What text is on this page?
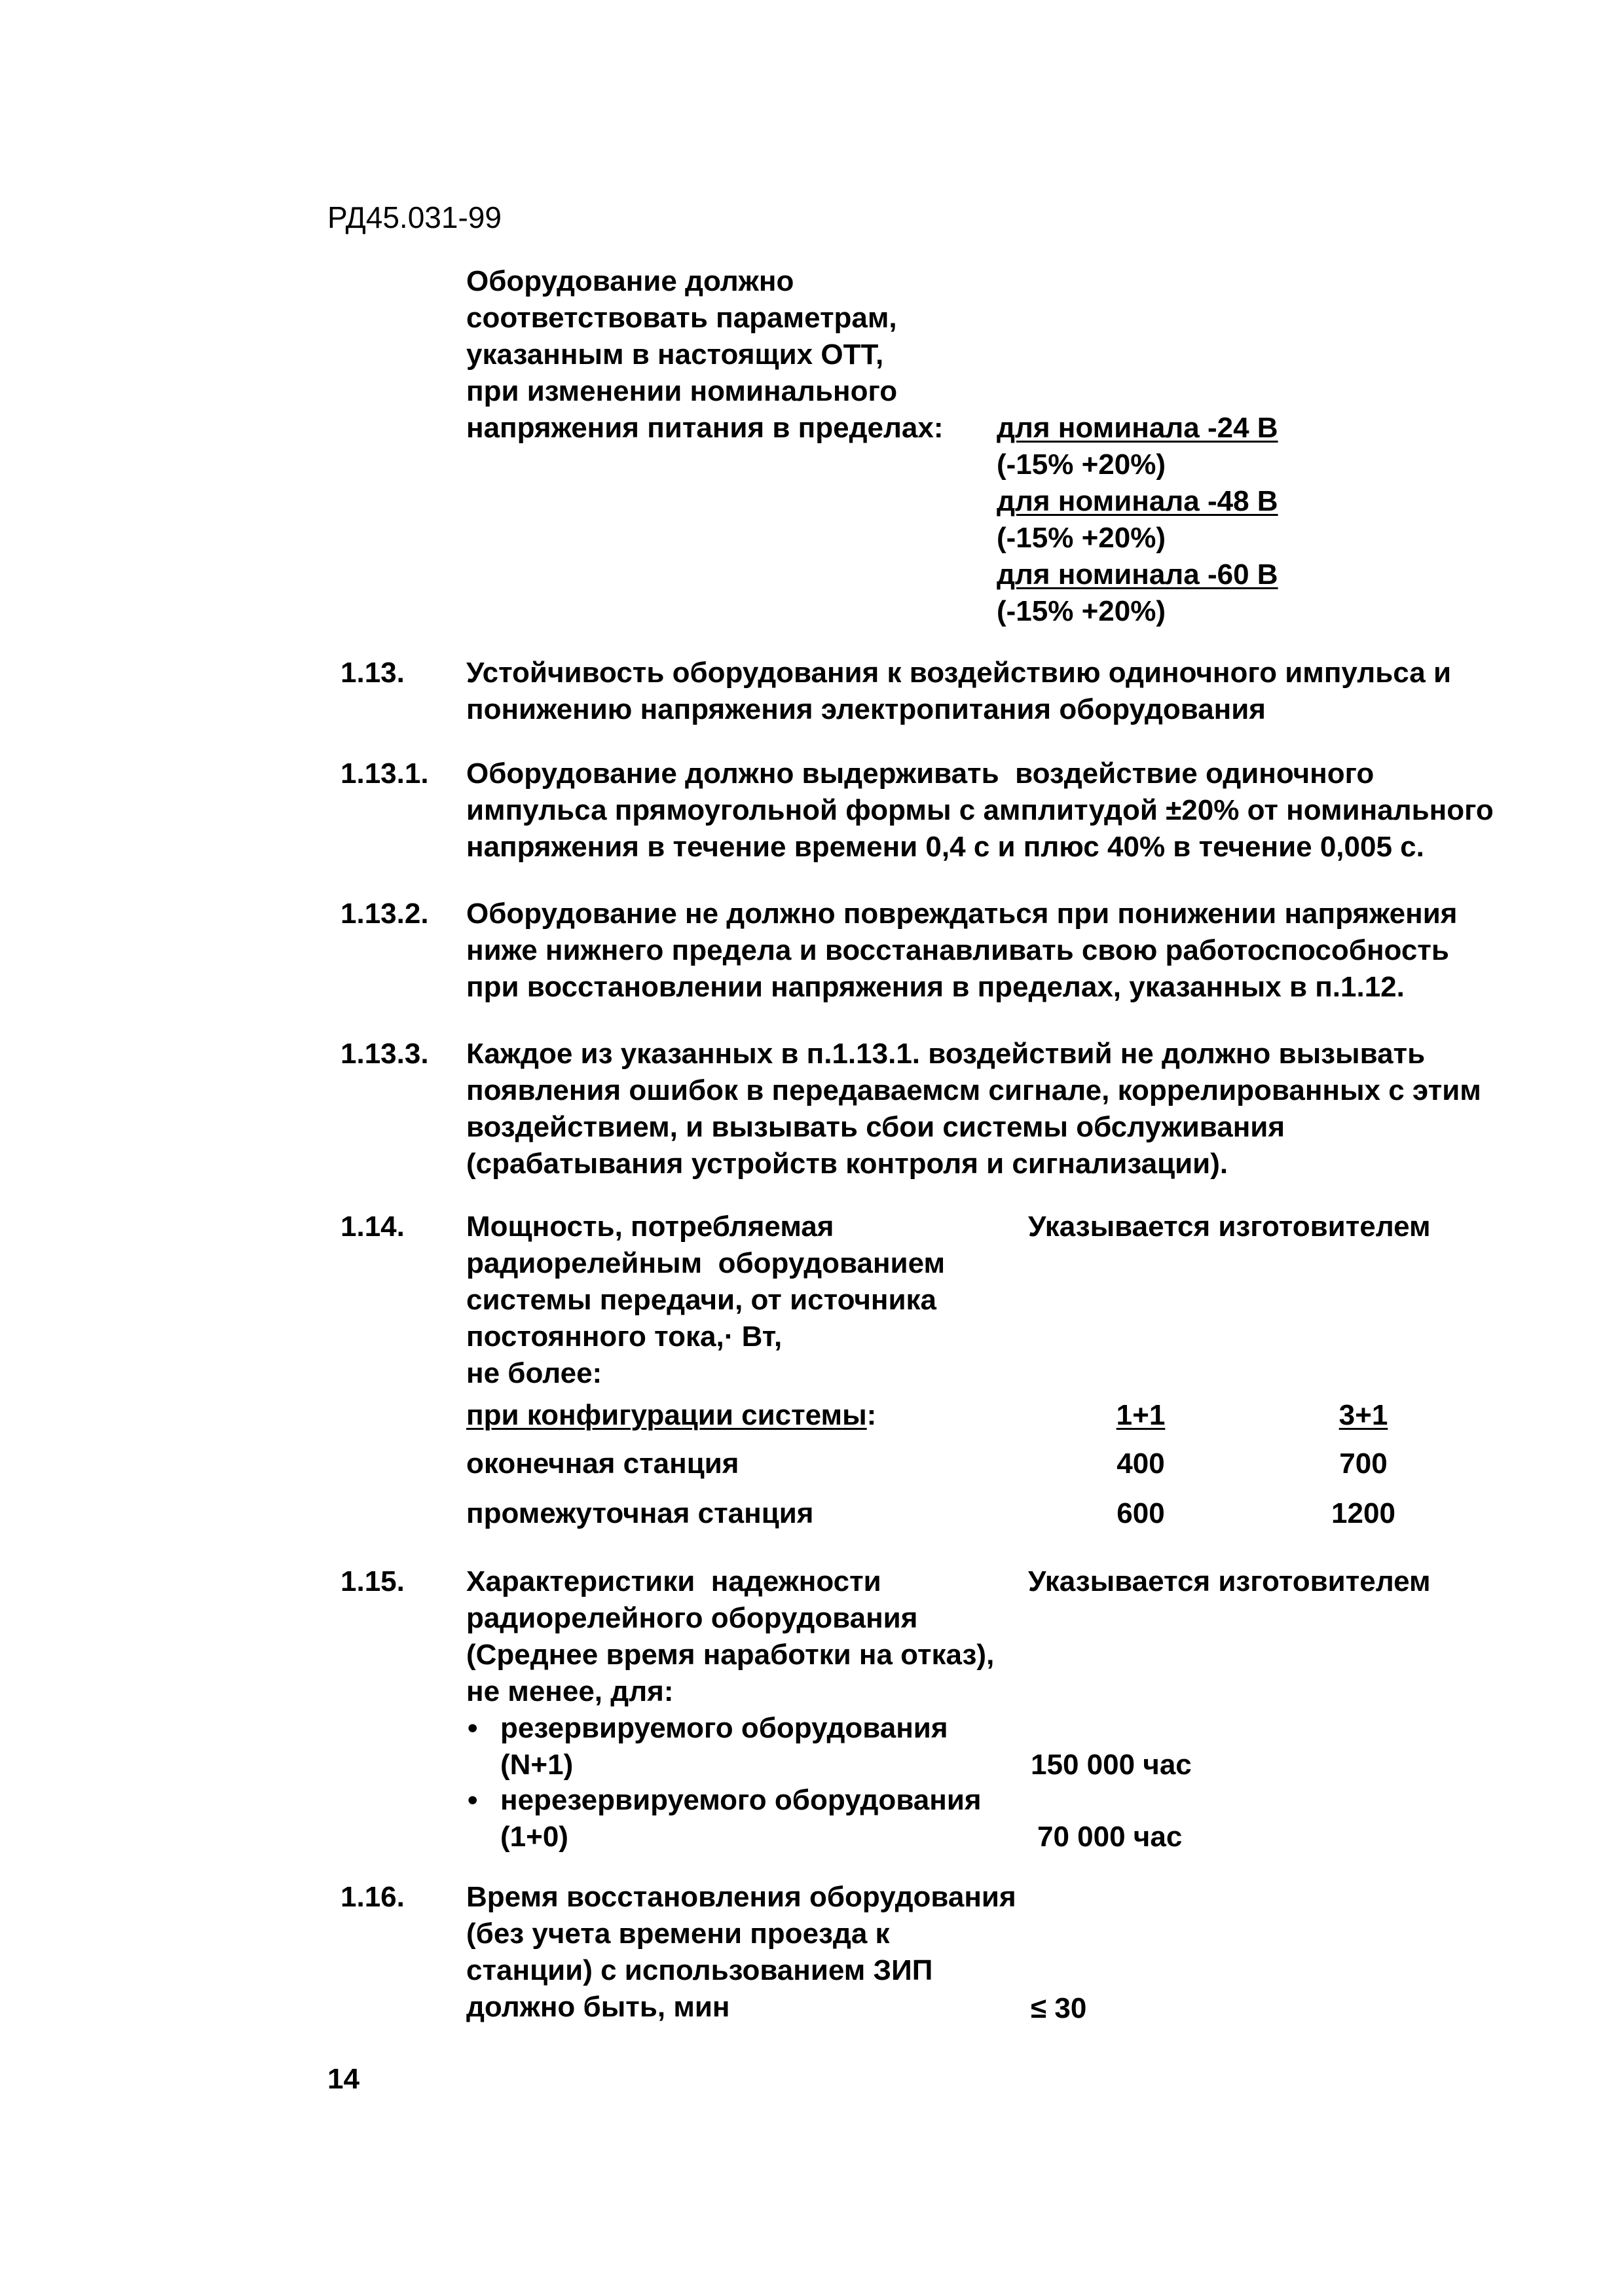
РД45.031-99
Оборудование должно
соответствовать параметрам,
указанным в настоящих ОТТ,
при изменении номинального
напряжения питания в пределах: для номинала -24 В
(-15% +20%)
для номинала -48 В
(-15% +20%)
для номинала -60 В
(-15% +20%)
1.13. Устойчивость оборудования к воздействию одиночного импульса и
понижению напряжения электропитания оборудования
1.13.1. Оборудование должно выдерживать  воздействие одиночного
импульса прямоугольной формы с амплитудой ±20% от номинального
напряжения в течение времени 0,4 с и плюс 40% в течение 0,005 с.
1.13.2. Оборудование не должно повреждаться при понижении напряжения
ниже нижнего предела и восстанавливать свою работоспособность
при восстановлении напряжения в пределах, указанных в п.1.12.
1.13.3. Каждое из указанных в п.1.13.1. воздействий не должно вызывать
появления ошибок в передаваемсм сигнале, коррелированных с этим
воздействием, и вызывать сбои системы обслуживания
(срабатывания устройств контроля и сигнализации).
1.14. Мощность, потребляемая
радиорелейным  оборудованием
системы передачи, от источника
постоянного тока,· Вт,
не более:
Указывается изготовителем
при конфигурации системы:	1+1	3+1
оконечная станция	400	700
промежуточная станция	600	1200
1.15. Характеристики  надежности
радиорелейного оборудования
(Среднее время наработки на отказ),
не менее, для:
Указывается изготовителем
• резервируемого оборудования
(N+1)	150 000 час
• нерезервируемого оборудования
(1+0)	70 000 час
1.16. Время восстановления оборудования
(без учета времени проезда к
станции) с использованием ЗИП
должно быть, мин	≤ 30
14
